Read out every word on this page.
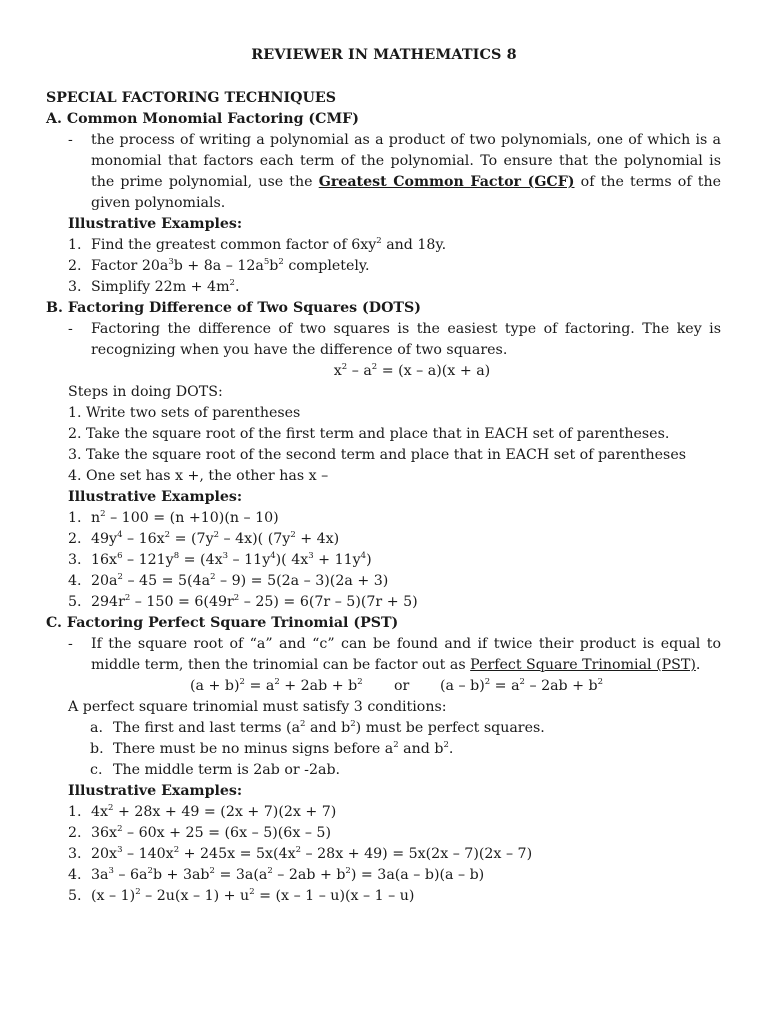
REVIEWER IN MATHEMATICS 8
SPECIAL FACTORING TECHNIQUES
A. Common Monomial Factoring (CMF)
- the process of writing a polynomial as a product of two polynomials, one of which is a
monomial that factors each term of the polynomial. To ensure that the polynomial is
the prime polynomial, use the Greatest Common Factor (GCF) of the terms of the
given polynomials.
Illustrative Examples:
1. Find the greatest common factor of $6xy^2$ and 18y.
2. Factor $20a^3b + 8a - 12a^5b^2$ completely.
3. Simplify $22m + 4m^2$.
B. Factoring Difference of Two Squares (DOTS)
- Factoring the difference of two squares is the easiest type of factoring. The key is
recognizing when you have the difference of two squares.
$x^2 - a^2 = (x - a)(x + a)$
Steps in doing DOTS:
1. Write two sets of parentheses
2. Take the square root of the first term and place that in EACH set of parentheses.
3. Take the square root of the second term and place that in EACH set of parentheses
4. One set has x +, the other has x –
Illustrative Examples:
1. $n^2 - 100 = (n +10)(n - 10)$
2. $49y^4 - 16x^2 = (7y^2 - 4x)$( $(7y^2 + 4x)$
3. $16x^6 - 121y^8 = (4x^3 - 11y^4)$( $4x^3 + 11y^4$)
4. $20a^2 - 45 = 5(4a^2 - 9) = 5(2a - 3)(2a + 3)$
5. $294r^2 - 150 = 6(49r^2 - 25) = 6(7r - 5)(7r + 5)$
C. Factoring Perfect Square Trinomial (PST)
- If the square root of “a” and “c” can be found and if twice their product is equal to
middle term, then the trinomial can be factor out as Perfect Square Trinomial (PST).
$(a + b)^2 = a^2 + 2ab + b^2$	or	$(a - b)^2 = a^2 - 2ab + b^2$
A perfect square trinomial must satisfy 3 conditions:
a. The first and last terms ($a^2$ and $b^2$) must be perfect squares.
b. There must be no minus signs before $a^2$ and $b^2$.
c. The middle term is 2ab or -2ab.
Illustrative Examples:
1. $4x^2 + 28x + 49 = (2x + 7)(2x + 7)$
2. $36x^2 - 60x + 25 = (6x - 5)(6x - 5)$
3. $20x^3 - 140x^2 + 245x = 5x(4x^2 - 28x + 49) = 5x(2x - 7)(2x - 7)$
4. $3a^3 - 6a^2b + 3ab^2 = 3a(a^2 - 2ab + b^2) = 3a(a - b)(a - b)$
5. $(x - 1)^2 - 2u(x - 1) + u^2 = (x - 1 - u)(x - 1 - u)$
